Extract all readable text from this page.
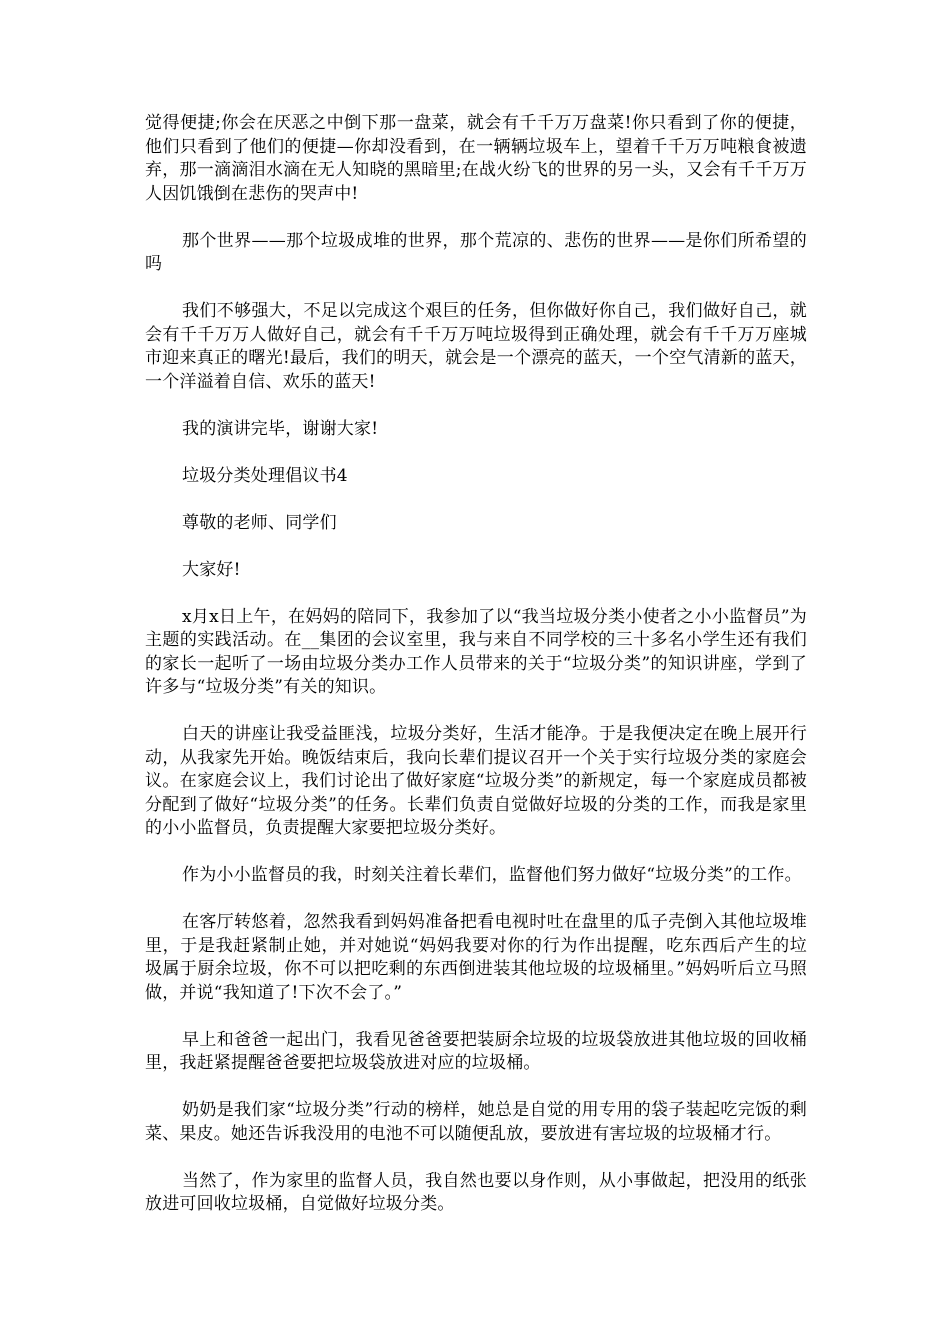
觉得便捷;你会在厌恶之中倒下那一盘菜，就会有千千万万盘菜!你只看到了你的便捷，他们只看到了他们的便捷—你却没看到，在一辆辆垃圾车上，望着千千万万吨粮食被遗弃，那一滴滴泪水滴在无人知晓的黑暗里;在战火纷飞的世界的另一头，又会有千千万万人因饥饿倒在悲伤的哭声中!

那个世界——那个垃圾成堆的世界，那个荒凉的、悲伤的世界——是你们所希望的吗

我们不够强大，不足以完成这个艰巨的任务，但你做好你自己，我们做好自己，就会有千千万万人做好自己，就会有千千万万吨垃圾得到正确处理，就会有千千万万座城市迎来真正的曙光!最后，我们的明天，就会是一个漂亮的蓝天，一个空气清新的蓝天，一个洋溢着自信、欢乐的蓝天!

我的演讲完毕，谢谢大家!

垃圾分类处理倡议书4

尊敬的老师、同学们

大家好!

x月x日上午，在妈妈的陪同下，我参加了以“我当垃圾分类小使者之小小监督员”为主题的实践活动。在__集团的会议室里，我与来自不同学校的三十多名小学生还有我们的家长一起听了一场由垃圾分类办工作人员带来的关于“垃圾分类”的知识讲座，学到了许多与“垃圾分类”有关的知识。

白天的讲座让我受益匪浅，垃圾分类好，生活才能净。于是我便决定在晚上展开行动，从我家先开始。晚饭结束后，我向长辈们提议召开一个关于实行垃圾分类的家庭会议。在家庭会议上，我们讨论出了做好家庭“垃圾分类”的新规定，每一个家庭成员都被分配到了做好“垃圾分类”的任务。长辈们负责自觉做好垃圾的分类的工作，而我是家里的小小监督员，负责提醒大家要把垃圾分类好。

作为小小监督员的我，时刻关注着长辈们，监督他们努力做好“垃圾分类”的工作。

在客厅转悠着，忽然我看到妈妈准备把看电视时吐在盘里的瓜子壳倒入其他垃圾堆里，于是我赶紧制止她，并对她说“妈妈我要对你的行为作出提醒，吃东西后产生的垃圾属于厨余垃圾，你不可以把吃剩的东西倒进装其他垃圾的垃圾桶里。”妈妈听后立马照做，并说“我知道了!下次不会了。”

早上和爸爸一起出门，我看见爸爸要把装厨余垃圾的垃圾袋放进其他垃圾的回收桶里，我赶紧提醒爸爸要把垃圾袋放进对应的垃圾桶。

奶奶是我们家“垃圾分类”行动的榜样，她总是自觉的用专用的袋子装起吃完饭的剩菜、果皮。她还告诉我没用的电池不可以随便乱放，要放进有害垃圾的垃圾桶才行。

当然了，作为家里的监督人员，我自然也要以身作则，从小事做起，把没用的纸张放进可回收垃圾桶，自觉做好垃圾分类。
